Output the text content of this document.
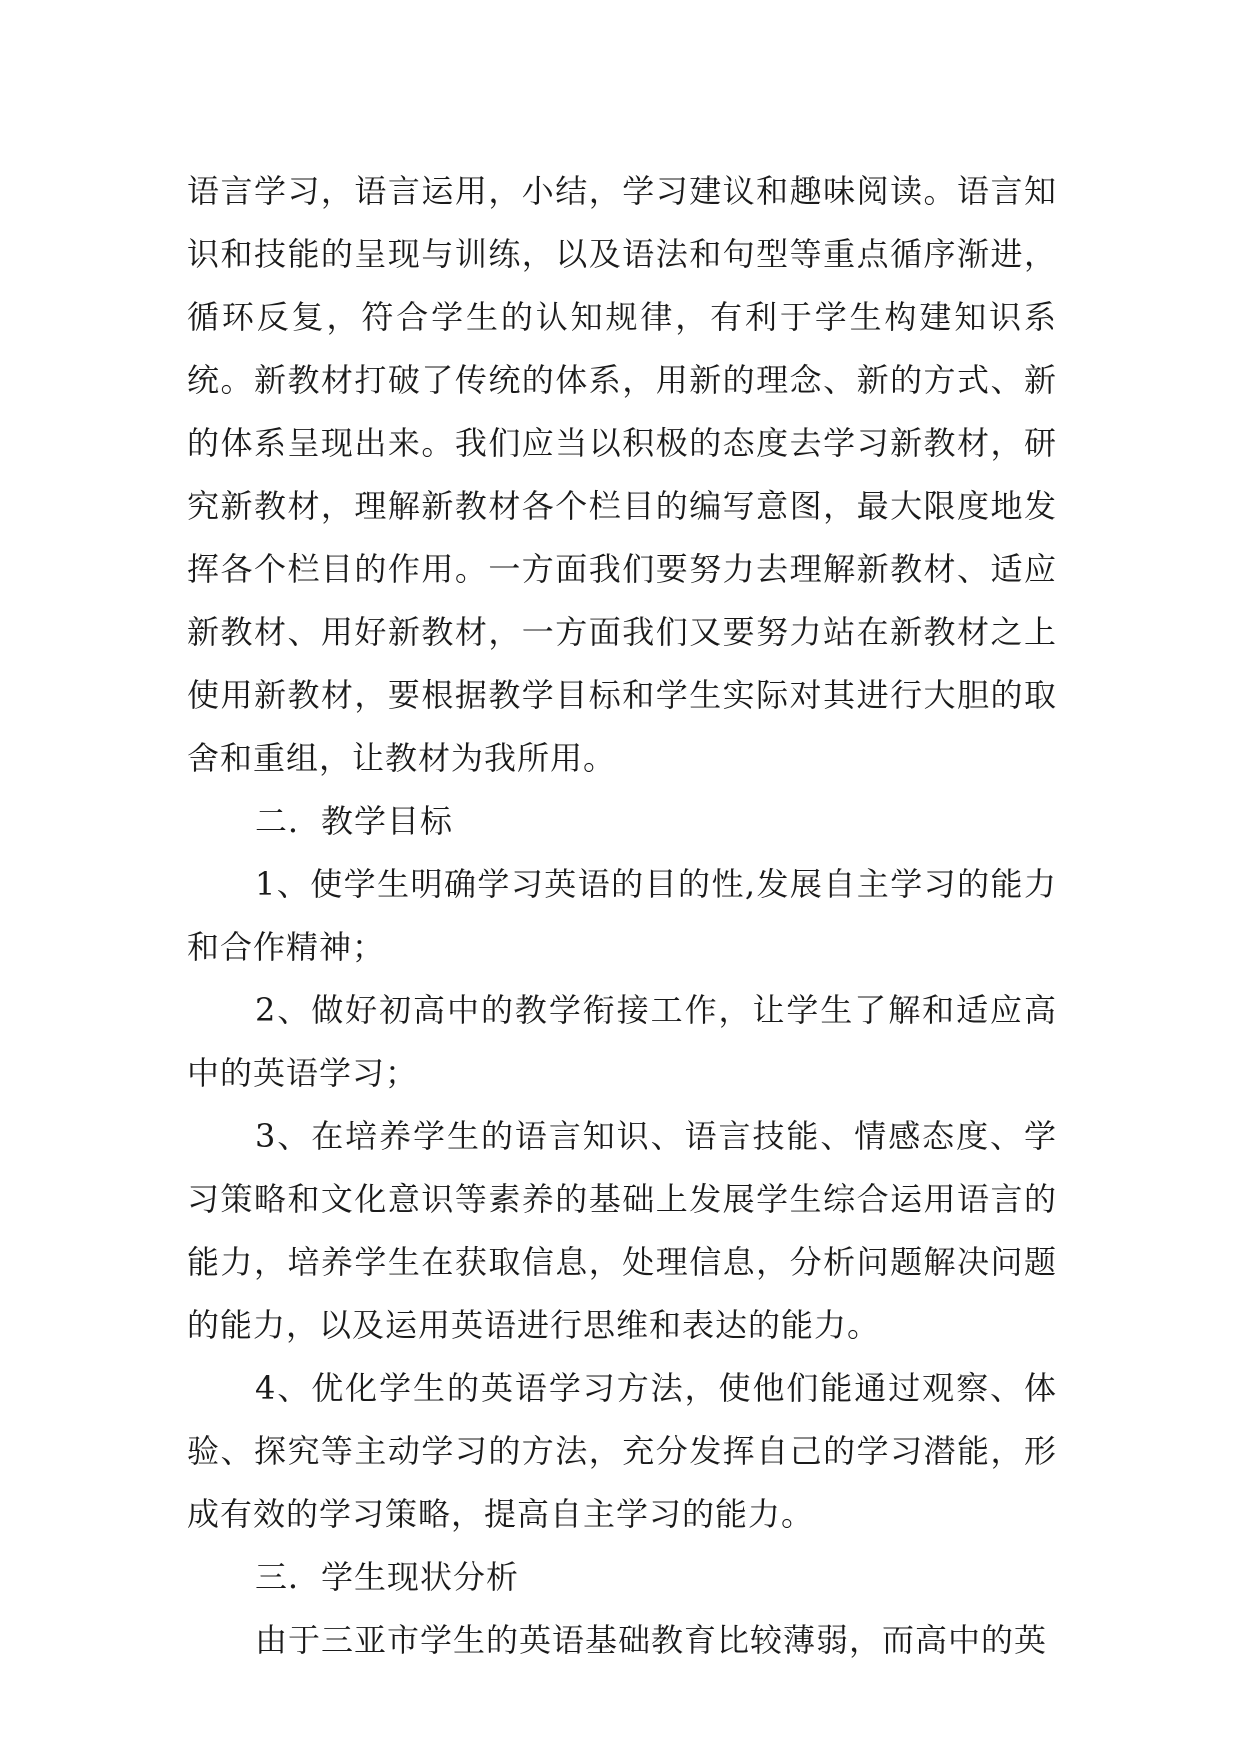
语言学习，语言运用，小结，学习建议和趣味阅读。语言知识和技能的呈现与训练，以及语法和句型等重点循序渐进，循环反复，符合学生的认知规律，有利于学生构建知识系统。新教材打破了传统的体系，用新的理念、新的方式、新的体系呈现出来。我们应当以积极的态度去学习新教材，研究新教材，理解新教材各个栏目的编写意图，最大限度地发挥各个栏目的作用。一方面我们要努力去理解新教材、适应新教材、用好新教材，一方面我们又要努力站在新教材之上使用新教材，要根据教学目标和学生实际对其进行大胆的取舍和重组，让教材为我所用。

二．教学目标

1、使学生明确学习英语的目的性,发展自主学习的能力和合作精神；

2、做好初高中的教学衔接工作，让学生了解和适应高中的英语学习；

3、在培养学生的语言知识、语言技能、情感态度、学习策略和文化意识等素养的基础上发展学生综合运用语言的能力，培养学生在获取信息，处理信息，分析问题解决问题的能力，以及运用英语进行思维和表达的能力。

4、优化学生的英语学习方法，使他们能通过观察、体验、探究等主动学习的方法，充分发挥自己的学习潜能，形成有效的学习策略，提高自主学习的能力。

三．学生现状分析

由于三亚市学生的英语基础教育比较薄弱，而高中的英
